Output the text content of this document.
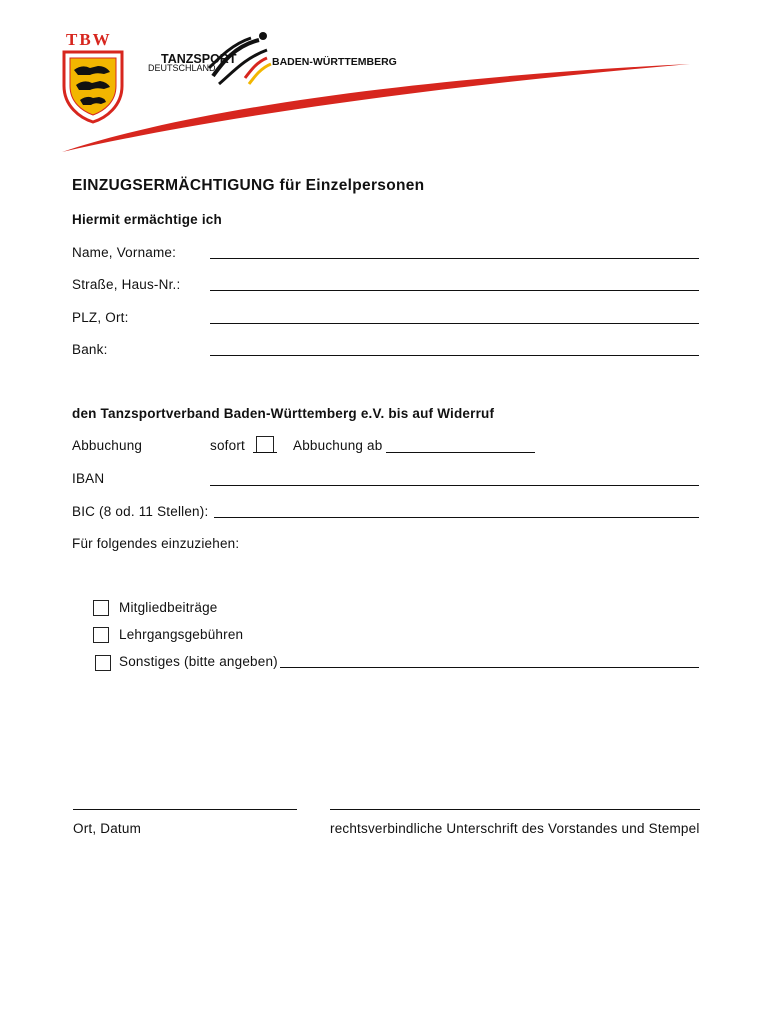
TBW
TANZSPORT
DEUTSCHLAND	BADEN-WÜRTTEMBERG
EINZUGSERMÄCHTIGUNG für Einzelpersonen
Hiermit ermächtige ich
Name, Vorname:
Straße, Haus-Nr.:
PLZ, Ort:
Bank:
den Tanzsportverband Baden-Württemberg e.V. bis auf Widerruf
Abbuchung	sofort	Abbuchung ab
IBAN
BIC (8 od. 11 Stellen):
Für folgendes einzuziehen:
Mitgliedbeiträge
Lehrgangsgebühren
Sonstiges (bitte angeben)
Ort, Datum	rechtsverbindliche Unterschrift des Vorstandes und Stempel
